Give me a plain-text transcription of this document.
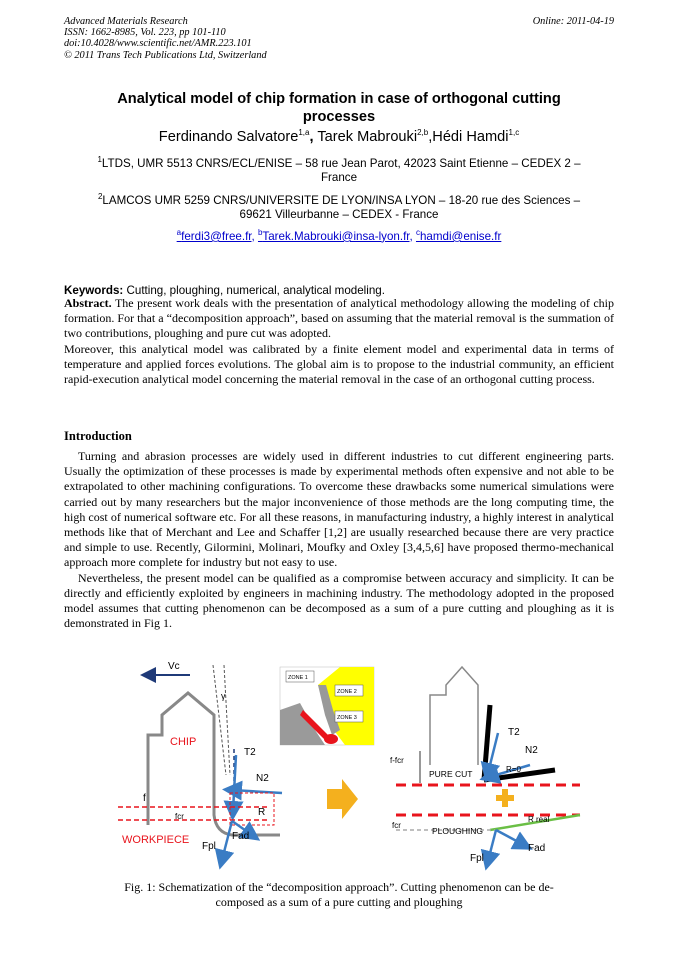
Advanced Materials Research
ISSN: 1662-8985, Vol. 223, pp 101-110
doi:10.4028/www.scientific.net/AMR.223.101
© 2011 Trans Tech Publications Ltd, Switzerland
Online: 2011-04-19
Analytical model of chip formation in case of orthogonal cutting
processes
Ferdinando Salvatore$^{1,a}$, Tarek Mabrouki$^{2,b}$,Hédi Hamdi$^{1,c}$
$^1$LTDS, UMR 5513 CNRS/ECL/ENISE – 58 rue Jean Parot, 42023 Saint Etienne – CEDEX 2 –
France
$^2$LAMCOS UMR 5259 CNRS/UNIVERSITE DE LYON/INSA LYON – 18-20 rue des Sciences –
69621 Villeurbanne – CEDEX - France
$^a$ferdi3@free.fr, $^b$Tarek.Mabrouki@insa-lyon.fr, $^c$hamdi@enise.fr
Keywords: Cutting, ploughing, numerical, analytical modeling.
Abstract. The present work deals with the presentation of analytical methodology allowing the modeling of chip formation. For that a “decomposition approach”, based on assuming that the material removal is the summation of two contributions, ploughing and pure cut was adopted.
Moreover, this analytical model was calibrated by a finite element model and experimental data in terms of temperature and applied forces evolutions. The global aim is to propose to the industrial community, an efficient rapid-execution analytical model concerning the material removal in the case of an orthogonal cutting process.
Introduction
Turning and abrasion processes are widely used in different industries to cut different engineering parts. Usually the optimization of these processes is made by experimental methods often expensive and not able to be extrapolated to other machining configurations. To overcome these drawbacks some numerical simulations were carried out by many researchers but the major inconvenience of those methods are the long computing time, the high cost of numerical software etc. For all these reasons, in manufacturing industry, a highly interest in analytical methods like that of Merchant and Lee and Schaffer [1,2] are usually researched because there are very practice and simple to use. Recently, Gilormini, Molinari, Moufky and Oxley [3,4,5,6] have proposed thermo-mechanical approach more complete for industry but not easy to use.
Nevertheless, the present model can be qualified as a compromise between accuracy and simplicity. It can be directly and efficiently exploited by engineers in machining industry. The methodology adopted in the proposed model assumes that cutting phenomenon can be decomposed as a sum of a pure cutting and ploughing as it is demonstrated in Fig 1.
Vc
γ
CHIP
T2
N2
R
f
fcr
Fad
Fpl
WORKPIECE
ZONE 1
ZONE 2
ZONE 3
T2
N2
R=0
PURE CUT
f-fcr
R real
PLOUGHING
fcr
Fad
Fpl
Fig. 1: Schematization of the “decomposition approach”. Cutting phenomenon can be de-
composed as a sum of a pure cutting and ploughing
